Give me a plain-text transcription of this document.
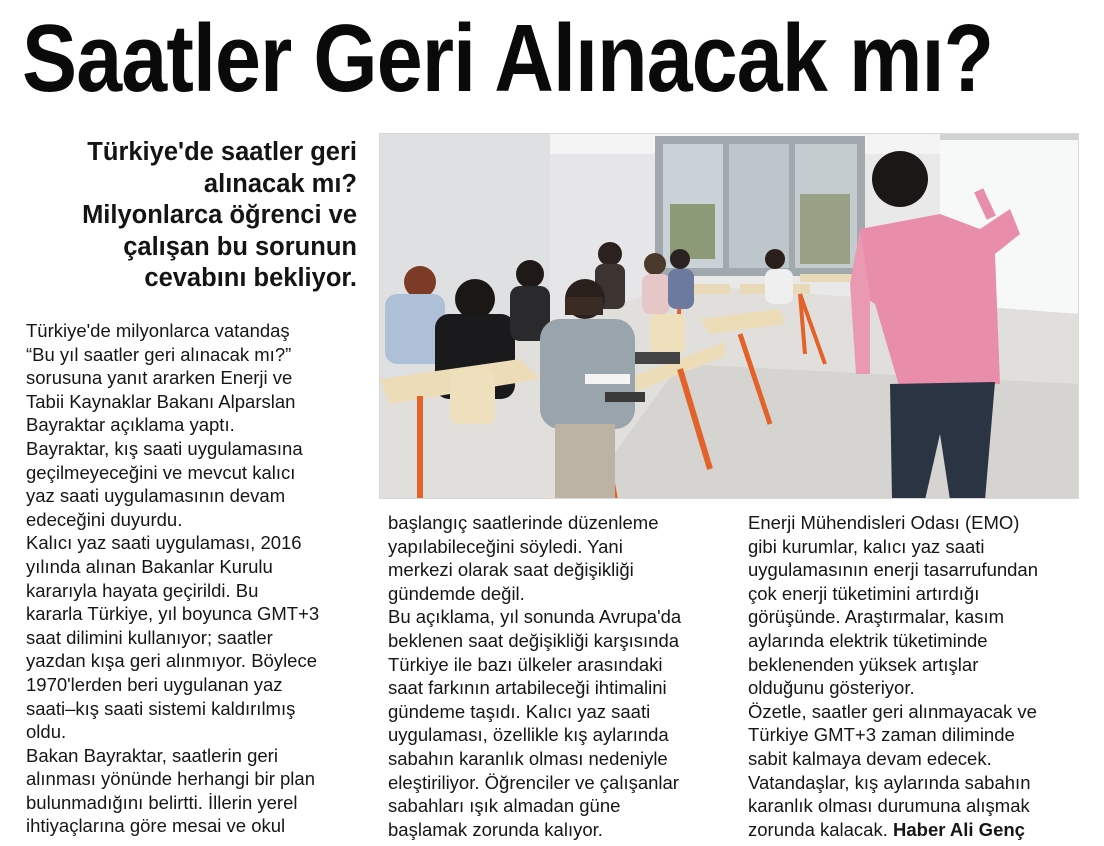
Saatler Geri Alınacak mı?
Türkiye'de saatler geri
alınacak mı?
Milyonlarca öğrenci ve
çalışan bu sorunun
cevabını bekliyor.

Türkiye'de milyonlarca vatandaş

“Bu yıl saatler geri alınacak mı?”

sorusuna yanıt ararken Enerji ve

Tabii Kaynaklar Bakanı Alparslan

Bayraktar açıklama yaptı.

Bayraktar, kış saati uygulamasına

geçilmeyeceğini ve mevcut kalıcı

yaz saati uygulamasının devam

edeceğini duyurdu.

Kalıcı yaz saati uygulaması, 2016

yılında alınan Bakanlar Kurulu

kararıyla hayata geçirildi. Bu

kararla Türkiye, yıl boyunca GMT+3

saat dilimini kullanıyor; saatler

yazdan kışa geri alınmıyor. Böylece

1970'lerden beri uygulanan yaz

saati–kış saati sistemi kaldırılmış

oldu.

Bakan Bayraktar, saatlerin geri

alınması yönünde herhangi bir plan

bulunmadığını belirtti. İllerin yerel

ihtiyaçlarına göre mesai ve okul

başlangıç saatlerinde düzenleme

yapılabileceğini söyledi. Yani

merkezi olarak saat değişikliği

gündemde değil.

Bu açıklama, yıl sonunda Avrupa'da

beklenen saat değişikliği karşısında

Türkiye ile bazı ülkeler arasındaki

saat farkının artabileceği ihtimalini

gündeme taşıdı. Kalıcı yaz saati

uygulaması, özellikle kış aylarında

sabahın karanlık olması nedeniyle

eleştiriliyor. Öğrenciler ve çalışanlar

sabahları ışık almadan güne

başlamak zorunda kalıyor.

Enerji Mühendisleri Odası (EMO)

gibi kurumlar, kalıcı yaz saati

uygulamasının enerji tasarrufundan

çok enerji tüketimini artırdığı

görüşünde. Araştırmalar, kasım

aylarında elektrik tüketiminde

beklenenden yüksek artışlar

olduğunu gösteriyor.

Özetle, saatler geri alınmayacak ve

Türkiye GMT+3 zaman diliminde

sabit kalmaya devam edecek.

Vatandaşlar, kış aylarında sabahın

karanlık olması durumuna alışmak

zorunda kalacak. Haber Ali Genç
